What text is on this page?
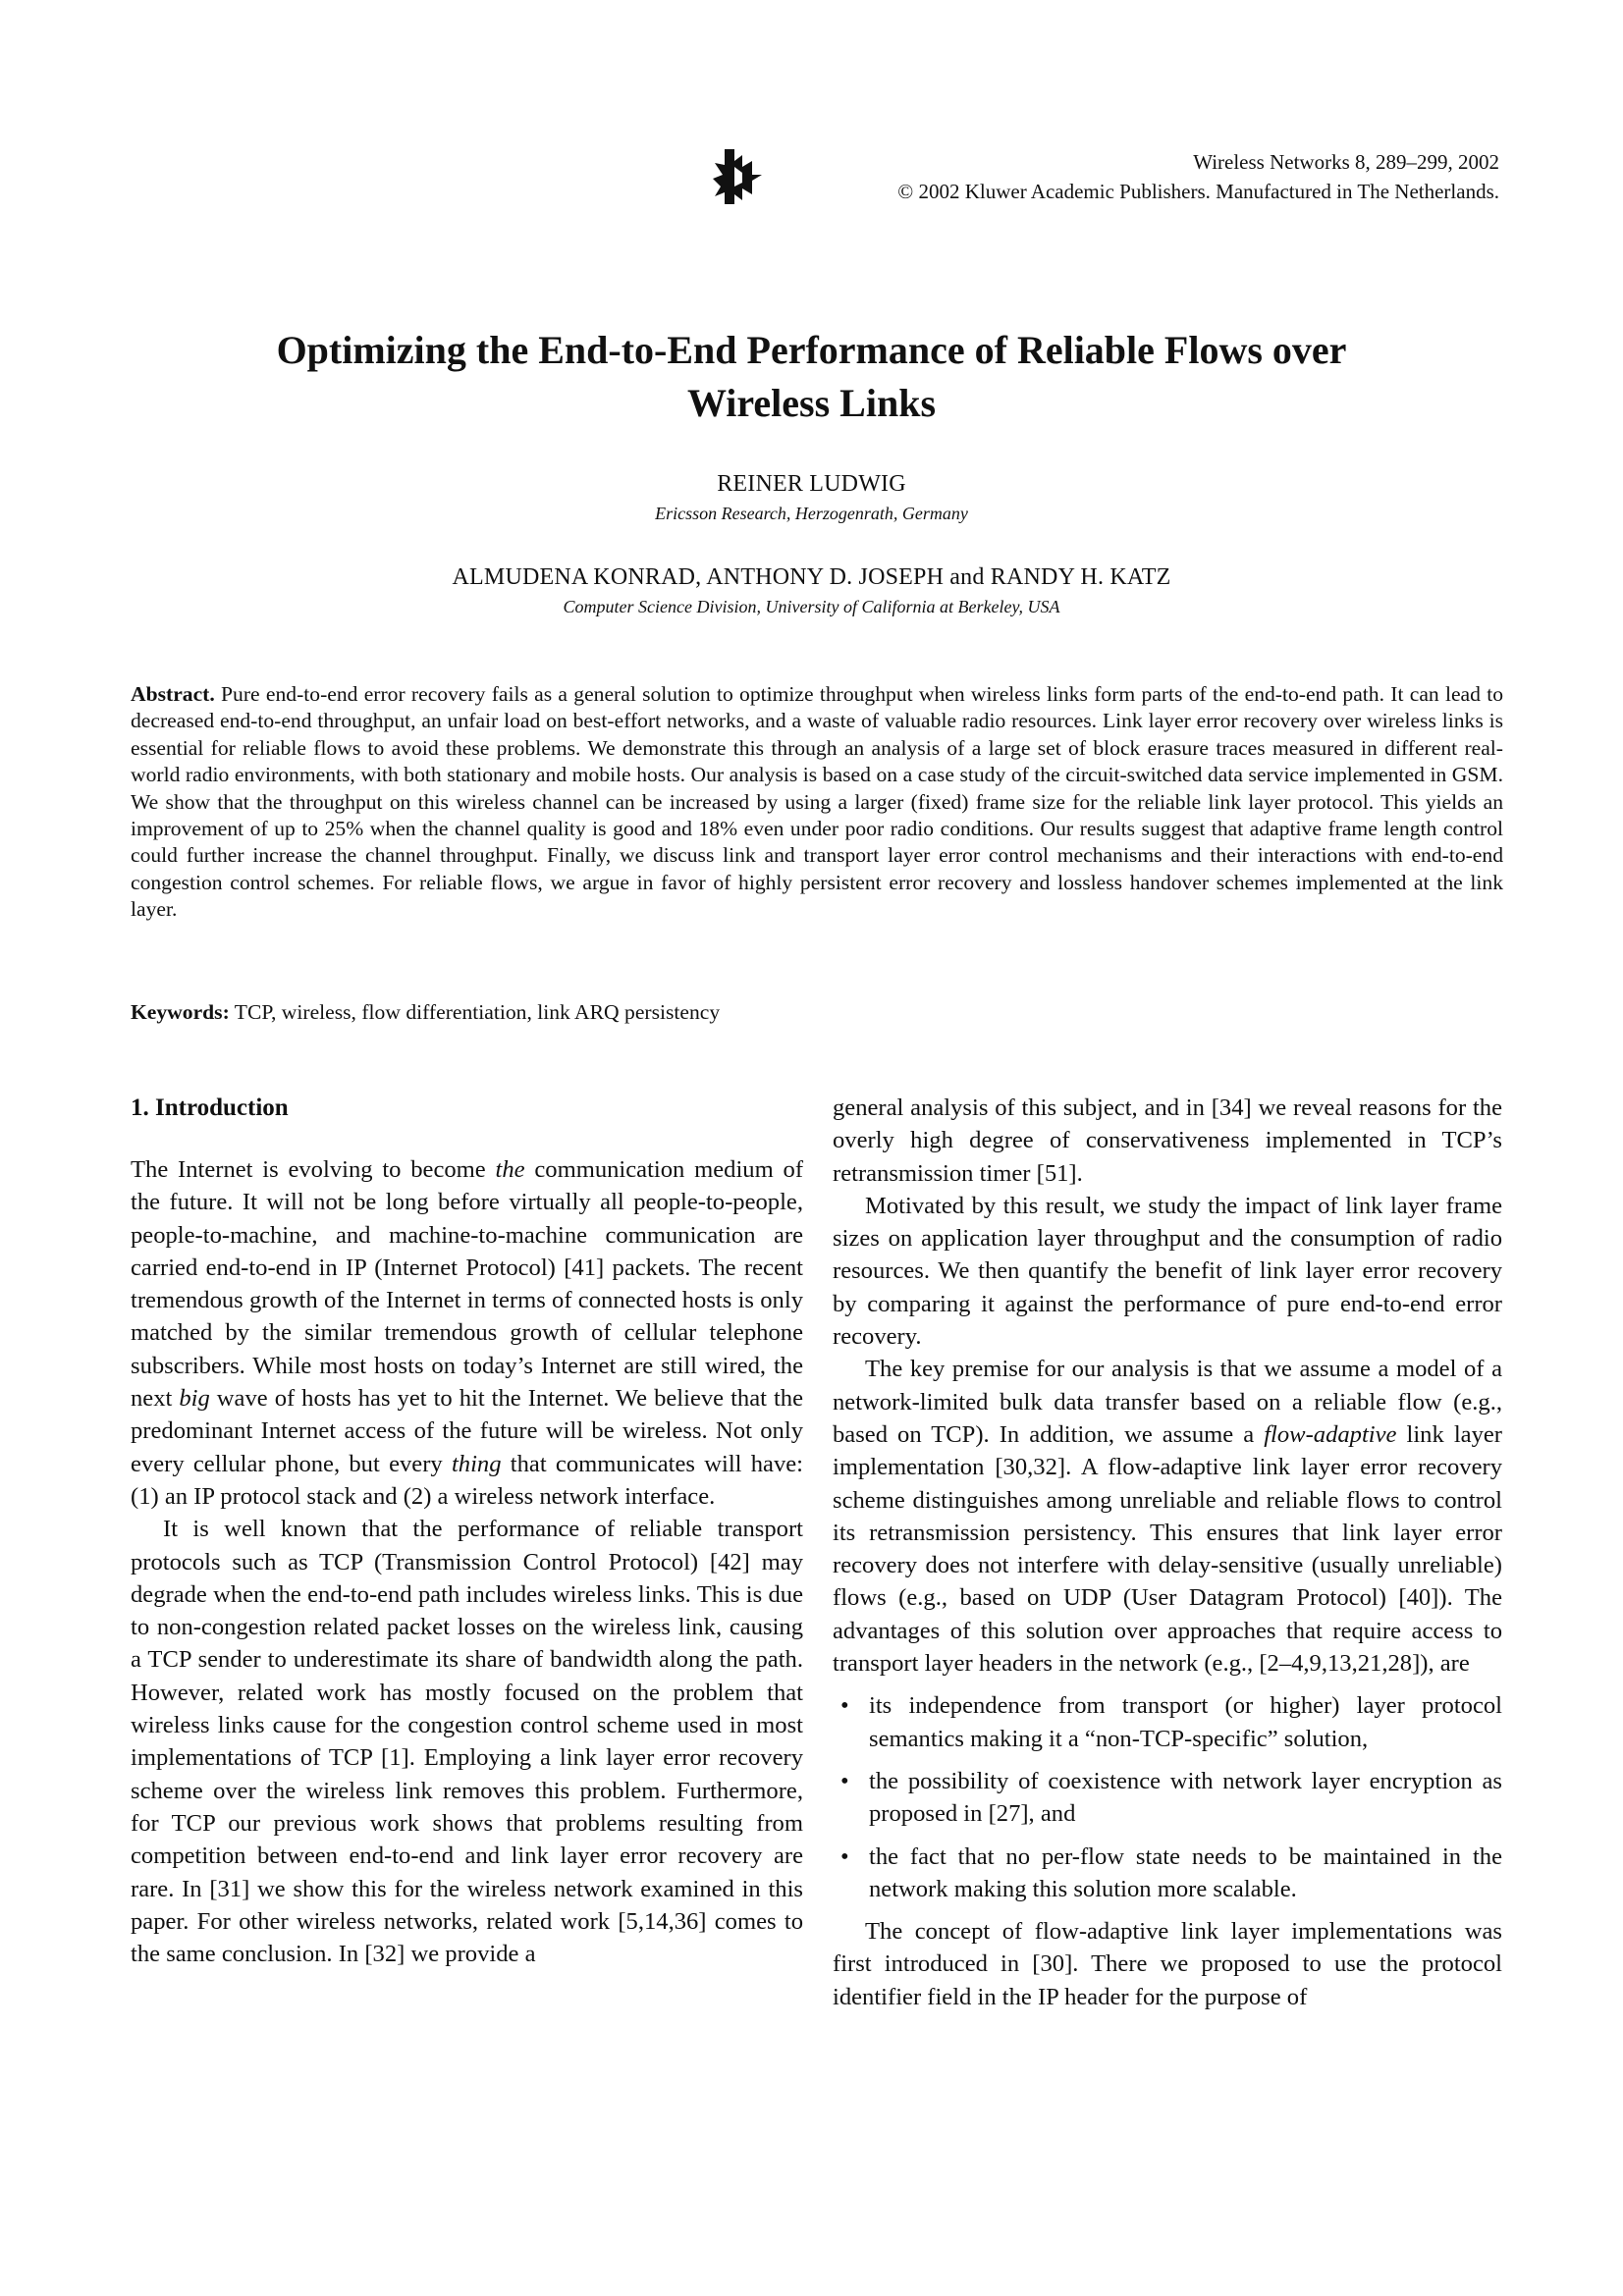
Wireless Networks 8, 289–299, 2002
© 2002 Kluwer Academic Publishers. Manufactured in The Netherlands.
Optimizing the End-to-End Performance of Reliable Flows over
Wireless Links
REINER LUDWIG
Ericsson Research, Herzogenrath, Germany
ALMUDENA KONRAD, ANTHONY D. JOSEPH and RANDY H. KATZ
Computer Science Division, University of California at Berkeley, USA
Abstract. Pure end-to-end error recovery fails as a general solution to optimize throughput when wireless links form parts of the end-to-end path. It can lead to decreased end-to-end throughput, an unfair load on best-effort networks, and a waste of valuable radio resources. Link layer error recovery over wireless links is essential for reliable flows to avoid these problems. We demonstrate this through an analysis of a large set of block erasure traces measured in different real-world radio environments, with both stationary and mobile hosts. Our analysis is based on a case study of the circuit-switched data service implemented in GSM. We show that the throughput on this wireless channel can be increased by using a larger (fixed) frame size for the reliable link layer protocol. This yields an improvement of up to 25% when the channel quality is good and 18% even under poor radio conditions. Our results suggest that adaptive frame length control could further increase the channel throughput. Finally, we discuss link and transport layer error control mechanisms and their interactions with end-to-end congestion control schemes. For reliable flows, we argue in favor of highly persistent error recovery and lossless handover schemes implemented at the link layer.
Keywords: TCP, wireless, flow differentiation, link ARQ persistency
1. Introduction

The Internet is evolving to become the communication medium of the future. It will not be long before virtually all people-to-people, people-to-machine, and machine-to-machine communication are carried end-to-end in IP (Internet Protocol) [41] packets. The recent tremendous growth of the Internet in terms of connected hosts is only matched by the similar tremendous growth of cellular telephone subscribers. While most hosts on today’s Internet are still wired, the next big wave of hosts has yet to hit the Internet. We believe that the predominant Internet access of the future will be wireless. Not only every cellular phone, but every thing that communicates will have: (1) an IP protocol stack and (2) a wireless network interface.

It is well known that the performance of reliable transport protocols such as TCP (Transmission Control Protocol) [42] may degrade when the end-to-end path includes wireless links. This is due to non-congestion related packet losses on the wireless link, causing a TCP sender to underestimate its share of bandwidth along the path. However, related work has mostly focused on the problem that wireless links cause for the congestion control scheme used in most implementations of TCP [1]. Employing a link layer error recovery scheme over the wireless link removes this problem. Furthermore, for TCP our previous work shows that problems resulting from competition between end-to-end and link layer error recovery are rare. In [31] we show this for the wireless network examined in this paper. For other wireless networks, related work [5,14,36] comes to the same conclusion. In [32] we provide a

general analysis of this subject, and in [34] we reveal reasons for the overly high degree of conservativeness implemented in TCP’s retransmission timer [51].

Motivated by this result, we study the impact of link layer frame sizes on application layer throughput and the consumption of radio resources. We then quantify the benefit of link layer error recovery by comparing it against the performance of pure end-to-end error recovery.

The key premise for our analysis is that we assume a model of a network-limited bulk data transfer based on a reliable flow (e.g., based on TCP). In addition, we assume a flow-adaptive link layer implementation [30,32]. A flow-adaptive link layer error recovery scheme distinguishes among unreliable and reliable flows to control its retransmission persistency. This ensures that link layer error recovery does not interfere with delay-sensitive (usually unreliable) flows (e.g., based on UDP (User Datagram Protocol) [40]). The advantages of this solution over approaches that require access to transport layer headers in the network (e.g., [2–4,9,13,21,28]), are

• its independence from transport (or higher) layer protocol semantics making it a “non-TCP-specific” solution,
• the possibility of coexistence with network layer encryption as proposed in [27], and
• the fact that no per-flow state needs to be maintained in the network making this solution more scalable.

The concept of flow-adaptive link layer implementations was first introduced in [30]. There we proposed to use the protocol identifier field in the IP header for the purpose of
